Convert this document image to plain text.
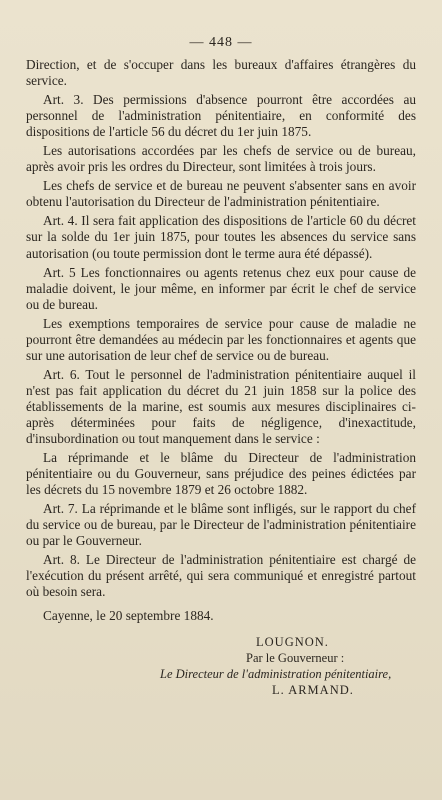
— 448 —

Direction, et de s'occuper dans les bureaux d'affaires étrangères du service.

Art. 3. Des permissions d'absence pourront être accordées au personnel de l'administration pénitentiaire, en conformité des dispositions de l'article 56 du décret du 1er juin 1875.

Les autorisations accordées par les chefs de service ou de bureau, après avoir pris les ordres du Directeur, sont limitées à trois jours.

Les chefs de service et de bureau ne peuvent s'absenter sans en avoir obtenu l'autorisation du Directeur de l'administration pénitentiaire.

Art. 4. Il sera fait application des dispositions de l'article 60 du décret sur la solde du 1er juin 1875, pour toutes les absences du service sans autorisation (ou toute permission dont le terme aura été dépassé).

Art. 5 Les fonctionnaires ou agents retenus chez eux pour cause de maladie doivent, le jour même, en informer par écrit le chef de service ou de bureau.

Les exemptions temporaires de service pour cause de maladie ne pourront être demandées au médecin par les fonctionnaires et agents que sur une autorisation de leur chef de service ou de bureau.

Art. 6. Tout le personnel de l'administration pénitentiaire auquel il n'est pas fait application du décret du 21 juin 1858 sur la police des établissements de la marine, est soumis aux mesures disciplinaires ci-après déterminées pour faits de négligence, d'inexactitude, d'insubordination ou tout manquement dans le service :

La réprimande et le blâme du Directeur de l'administration pénitentiaire ou du Gouverneur, sans préjudice des peines édictées par les décrets du 15 novembre 1879 et 26 octobre 1882.

Art. 7. La réprimande et le blâme sont infligés, sur le rapport du chef du service ou de bureau, par le Directeur de l'administration pénitentiaire ou par le Gouverneur.

Art. 8. Le Directeur de l'administration pénitentiaire est chargé de l'exécution du présent arrêté, qui sera communiqué et enregistré partout où besoin sera.

Cayenne, le 20 septembre 1884.
LOUGNON.
Par le Gouverneur :
Le Directeur de l'administration pénitentiaire,
L. ARMAND.
